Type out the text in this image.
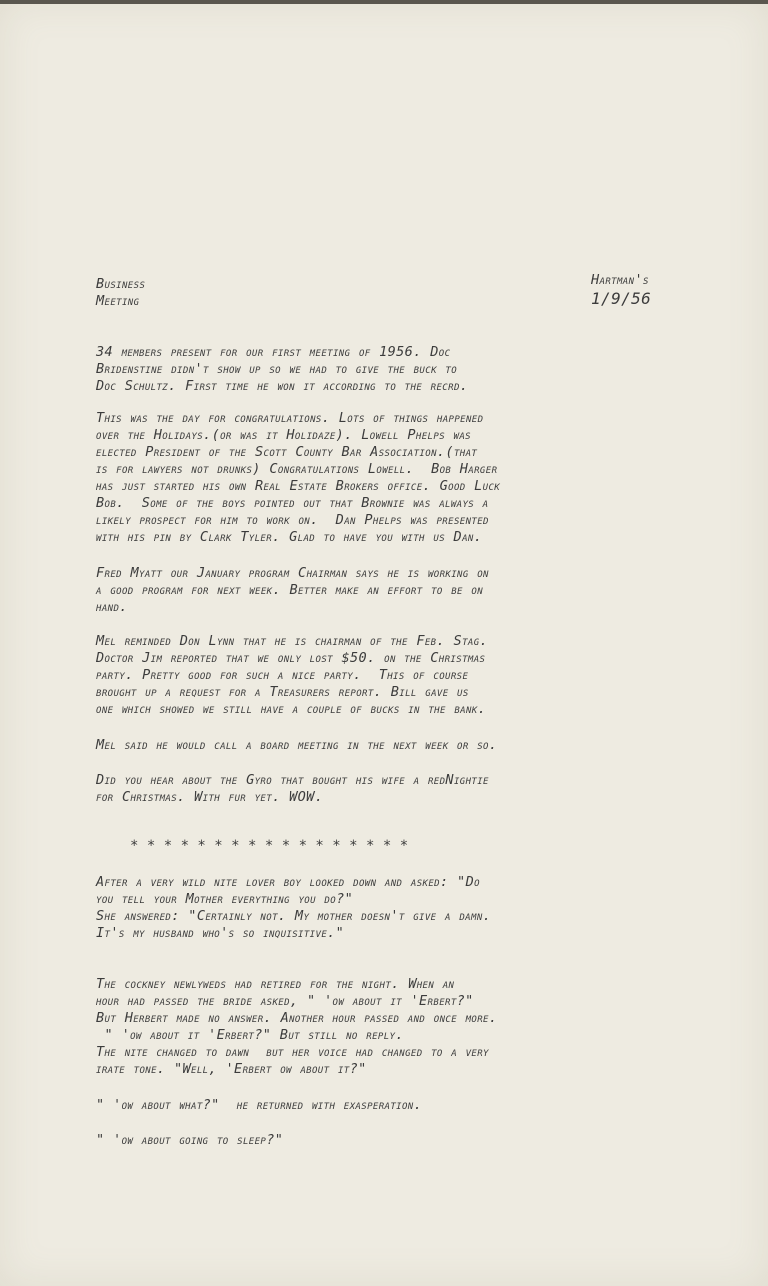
Business
Meeting
Hartman's
1/9/56
34 members present for our first meeting of 1956. Doc
Bridenstine didn't show up so we had to give the buck to
Doc Schultz. First time he won it according to the recrd.
This was the day for congratulations. Lots of things happened
over the Holidays.(or was it Holidaze). Lowell Phelps was
elected President of the Scott County Bar Association.(that
is for lawyers not drunks) Congratulations Lowell.  Bob Harger
has just started his own Real Estate Brokers office. Good Luck
Bob.  Some of the boys pointed out that Brownie was always a
likely prospect for him to work on.  Dan Phelps was presented
with his pin by Clark Tyler. Glad to have you with us Dan.
Fred Myatt our January program Chairman says he is working on
a good program for next week. Better make an effort to be on
hand.
Mel reminded Don Lynn that he is chairman of the Feb. Stag.
Doctor Jim reported that we only lost $50. on the Christmas
party. Pretty good for such a nice party.  This of course
brought up a request for a Treasurers report. Bill gave us
one which showed we still have a couple of bucks in the bank.
Mel said he would call a board meeting in the next week or so.
Did you hear about the Gyro that bought his wife a redNightie
for Christmas. With fur yet. WOW.
* * * * * * * * * * * * * * * * *
After a very wild nite lover boy looked down and asked: "Do
you tell your Mother everything you do?"
She answered: "Certainly not. My mother doesn't give a damn.
It's my husband who's so inquisitive."
The cockney newlyweds had retired for the night. When an
hour had passed the bride asked, " 'ow about it 'Erbert?"
But Herbert made no answer. Another hour passed and once more.
" 'ow about it 'Erbert?" But still no reply.
The nite changed to dawn  but her voice had changed to a very
irate tone. "Well, 'Erbert ow about it?"
" 'ow about what?"  he returned with exasperation.
" 'ow about going to sleep?"
